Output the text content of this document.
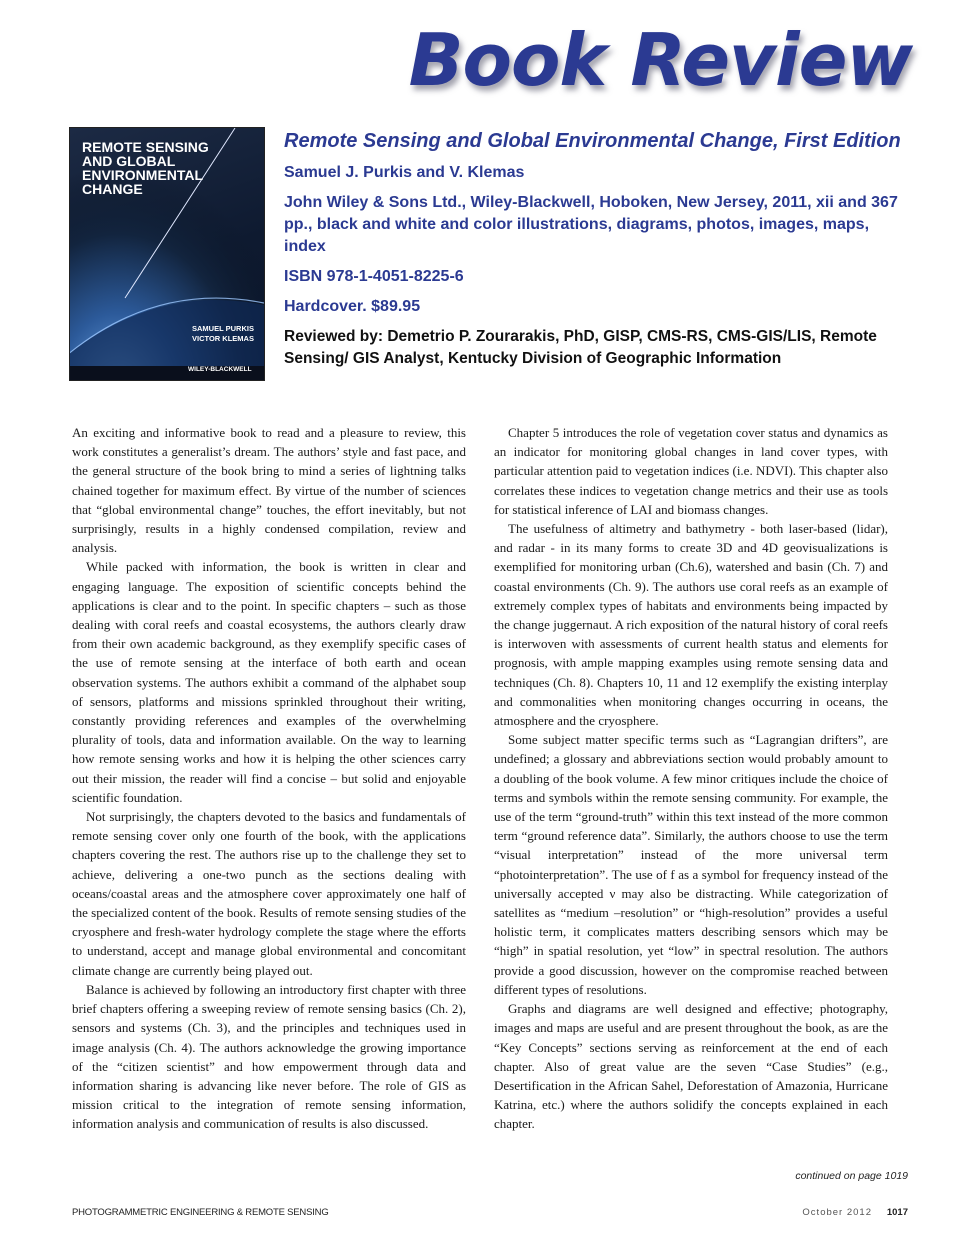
Book Review
REMOTE SENSING
AND GLOBAL
ENVIRONMENTAL
CHANGE
SAMUEL PURKIS
VICTOR KLEMAS
WILEY-BLACKWELL

Remote Sensing and Global Environmental Change, First Edition

Samuel J. Purkis and V. Klemas

John Wiley & Sons Ltd., Wiley-Blackwell, Hoboken, New Jersey, 2011, xii and 367 pp., black and white and color illustrations, diagrams, photos, images, maps, index

ISBN 978-1-4051-8225-6

Hardcover. $89.95

Reviewed by: Demetrio P. Zourarakis, PhD, GISP, CMS-RS, CMS-GIS/LIS, Remote Sensing/ GIS Analyst, Kentucky Division of Geographic Information

An exciting and informative book to read and a pleasure to review, this work constitutes a generalist’s dream. The authors’ style and fast pace, and the general structure of the book bring to mind a series of lightning talks chained together for maximum effect. By virtue of the number of sciences that “global environmental change” touches, the effort inevitably, but not surprisingly, results in a highly condensed compilation, review and analysis.

While packed with information, the book is written in clear and engaging language. The exposition of scientific concepts behind the applications is clear and to the point. In specific chapters – such as those dealing with coral reefs and coastal ecosystems, the authors clearly draw from their own academic background, as they exemplify specific cases of the use of remote sensing at the interface of both earth and ocean observation systems. The authors exhibit a command of the alphabet soup of sensors, platforms and missions sprinkled throughout their writing, constantly providing references and examples of the overwhelming plurality of tools, data and information available. On the way to learning how remote sensing works and how it is helping the other sciences carry out their mission, the reader will find a concise – but solid and enjoyable scientific foundation.

Not surprisingly, the chapters devoted to the basics and fundamentals of remote sensing cover only one fourth of the book, with the applications chapters covering the rest. The authors rise up to the challenge they set to achieve, delivering a one-two punch as the sections dealing with oceans/coastal areas and the atmosphere cover approximately one half of the specialized content of the book. Results of remote sensing studies of the cryosphere and fresh-water hydrology complete the stage where the efforts to understand, accept and manage global environmental and concomitant climate change are currently being played out.

Balance is achieved by following an introductory first chapter with three brief chapters offering a sweeping review of remote sensing basics (Ch. 2), sensors and systems (Ch. 3), and the principles and techniques used in image analysis (Ch. 4). The authors acknowledge the growing importance of the “citizen scientist” and how empowerment through data and information sharing is advancing like never before. The role of GIS as mission critical to the integration of remote sensing information, information analysis and communication of results is also discussed.

Chapter 5 introduces the role of vegetation cover status and dynamics as an indicator for monitoring global changes in land cover types, with particular attention paid to vegetation indices (i.e. NDVI). This chapter also correlates these indices to vegetation change metrics and their use as tools for statistical inference of LAI and biomass changes.

The usefulness of altimetry and bathymetry - both laser-based (lidar), and radar - in its many forms to create 3D and 4D geovisualizations is exemplified for monitoring urban (Ch.6), watershed and basin (Ch. 7) and coastal environments (Ch. 9). The authors use coral reefs as an example of extremely complex types of habitats and environments being impacted by the change juggernaut. A rich exposition of the natural history of coral reefs is interwoven with assessments of current health status and elements for prognosis, with ample mapping examples using remote sensing data and techniques (Ch. 8). Chapters 10, 11 and 12 exemplify the existing interplay and commonalities when monitoring changes occurring in oceans, the atmosphere and the cryosphere.

Some subject matter specific terms such as “Lagrangian drifters”, are undefined; a glossary and abbreviations section would probably amount to a doubling of the book volume. A few minor critiques include the choice of terms and symbols within the remote sensing community. For example, the use of the term “ground-truth” within this text instead of the more common term “ground reference data”. Similarly, the authors choose to use the term “visual interpretation” instead of the more universal term “photointerpretation”. The use of f as a symbol for frequency instead of the universally accepted ν may also be distracting. While categorization of satellites as “medium –resolution” or “high-resolution” provides a useful holistic term, it complicates matters describing sensors which may be “high” in spatial resolution, yet “low” in spectral resolution. The authors provide a good discussion, however on the compromise reached between different types of resolutions.

Graphs and diagrams are well designed and effective; photography, images and maps are useful and are present throughout the book, as are the “Key Concepts” sections serving as reinforcement at the end of each chapter. Also of great value are the seven “Case Studies” (e.g., Desertification in the African Sahel, Deforestation of Amazonia, Hurricane Katrina, etc.) where the authors solidify the concepts explained in each chapter.

continued on page 1019
PHOTOGRAMMETRIC ENGINEERING & REMOTE SENSING	October 2012 1017
